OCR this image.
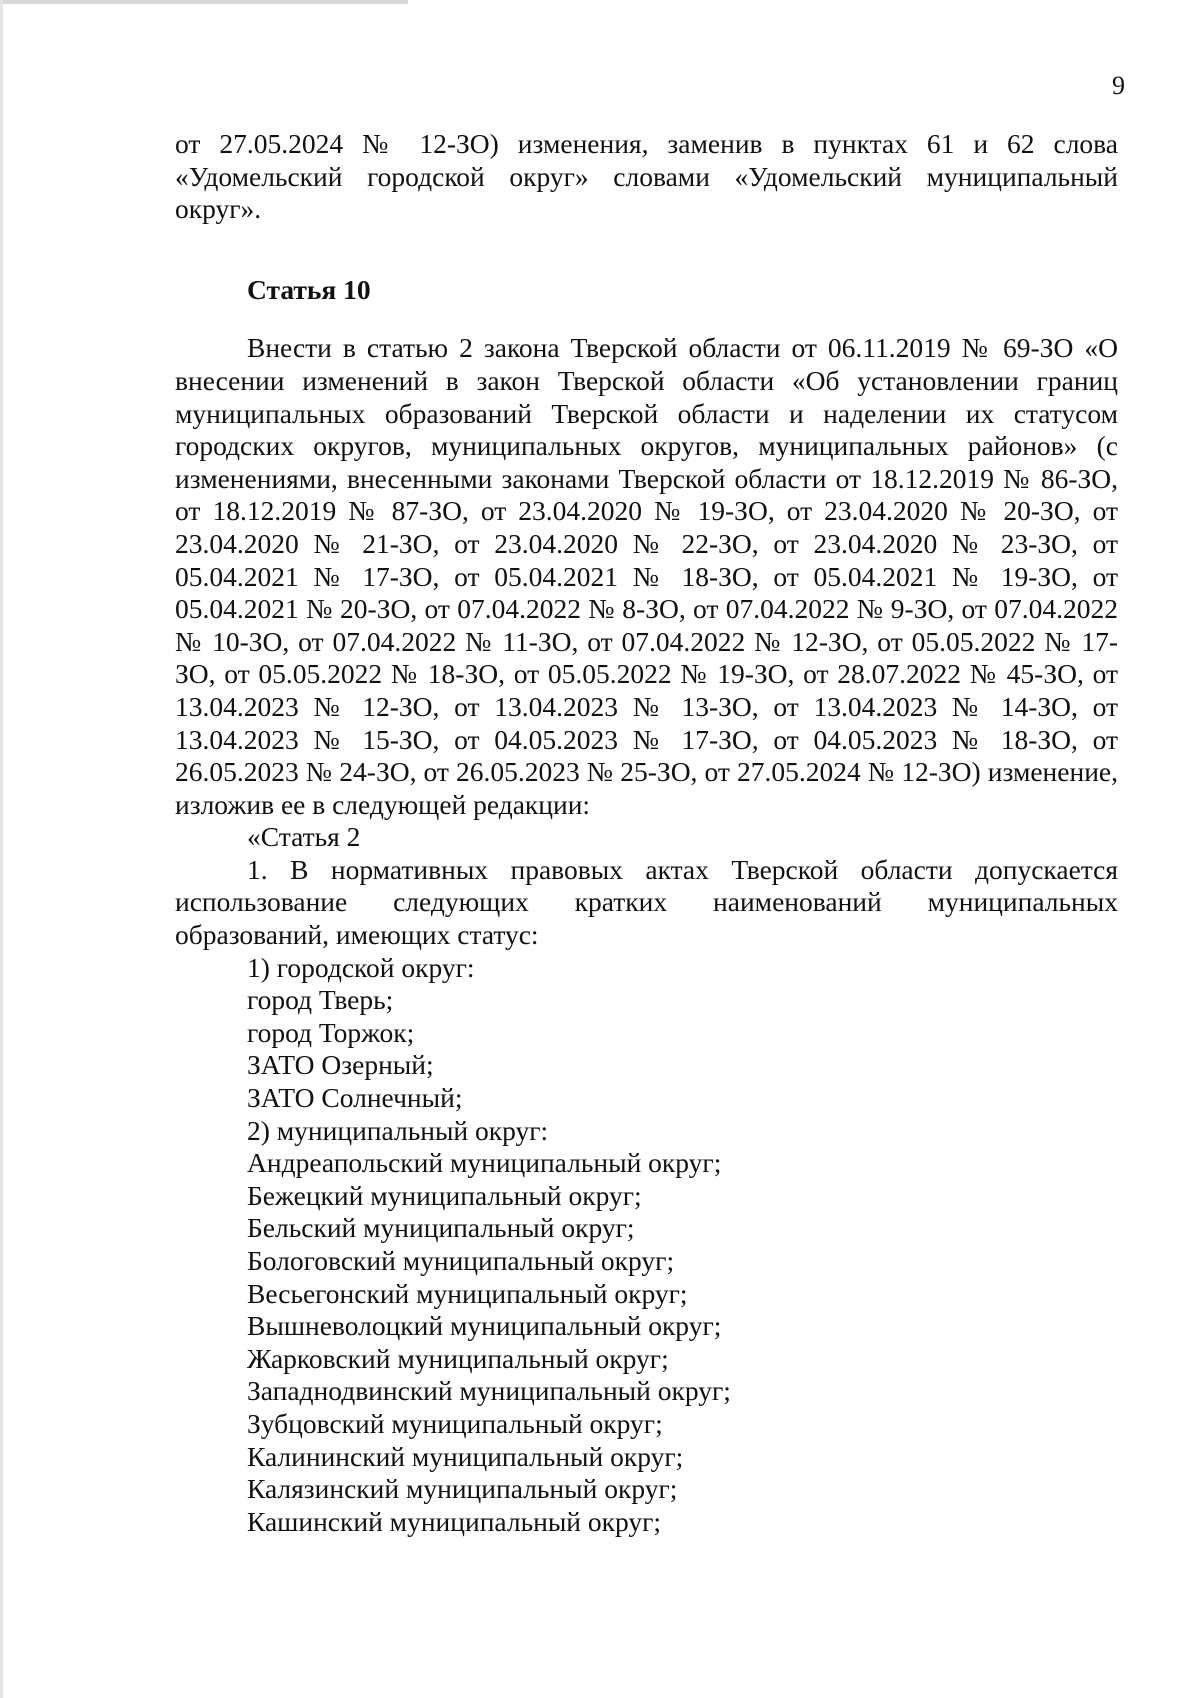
9

от 27.05.2024 № 12-ЗО) изменения, заменив в пунктах 61 и 62 слова «Удомельский городской округ» словами «Удомельский муниципальный округ».

Статья 10

Внести в статью 2 закона Тверской области от 06.11.2019 № 69-ЗО «О внесении изменений в закон Тверской области «Об установлении границ муниципальных образований Тверской области и наделении их статусом городских округов, муниципальных округов, муниципальных районов» (с изменениями, внесенными законами Тверской области от 18.12.2019 № 86-ЗО, от 18.12.2019 № 87-ЗО, от 23.04.2020 № 19-ЗО, от 23.04.2020 № 20-ЗО, от 23.04.2020 № 21-ЗО, от 23.04.2020 № 22-ЗО, от 23.04.2020 № 23-ЗО, от 05.04.2021 № 17-ЗО, от 05.04.2021 № 18-ЗО, от 05.04.2021 № 19-ЗО, от 05.04.2021 № 20-ЗО, от 07.04.2022 № 8-ЗО, от 07.04.2022 № 9-ЗО, от 07.04.2022 № 10-ЗО, от 07.04.2022 № 11-ЗО, от 07.04.2022 № 12-ЗО, от 05.05.2022 № 17-ЗО, от 05.05.2022 № 18-ЗО, от 05.05.2022 № 19-ЗО, от 28.07.2022 № 45-ЗО, от 13.04.2023 № 12-ЗО, от 13.04.2023 № 13-ЗО, от 13.04.2023 № 14-ЗО, от 13.04.2023 № 15-ЗО, от 04.05.2023 № 17-ЗО, от 04.05.2023 № 18-ЗО, от 26.05.2023 № 24-ЗО, от 26.05.2023 № 25-ЗО, от 27.05.2024 № 12-ЗО) изменение, изложив ее в следующей редакции:

«Статья 2

1. В нормативных правовых актах Тверской области допускается использование следующих кратких наименований муниципальных образований, имеющих статус:

1) городской округ:
город Тверь;
город Торжок;
ЗАТО Озерный;
ЗАТО Солнечный;
2) муниципальный округ:
Андреапольский муниципальный округ;
Бежецкий муниципальный округ;
Бельский муниципальный округ;
Бологовский муниципальный округ;
Весьегонский муниципальный округ;
Вышневолоцкий муниципальный округ;
Жарковский муниципальный округ;
Западнодвинский муниципальный округ;
Зубцовский муниципальный округ;
Калининский муниципальный округ;
Калязинский муниципальный округ;
Кашинский муниципальный округ;
